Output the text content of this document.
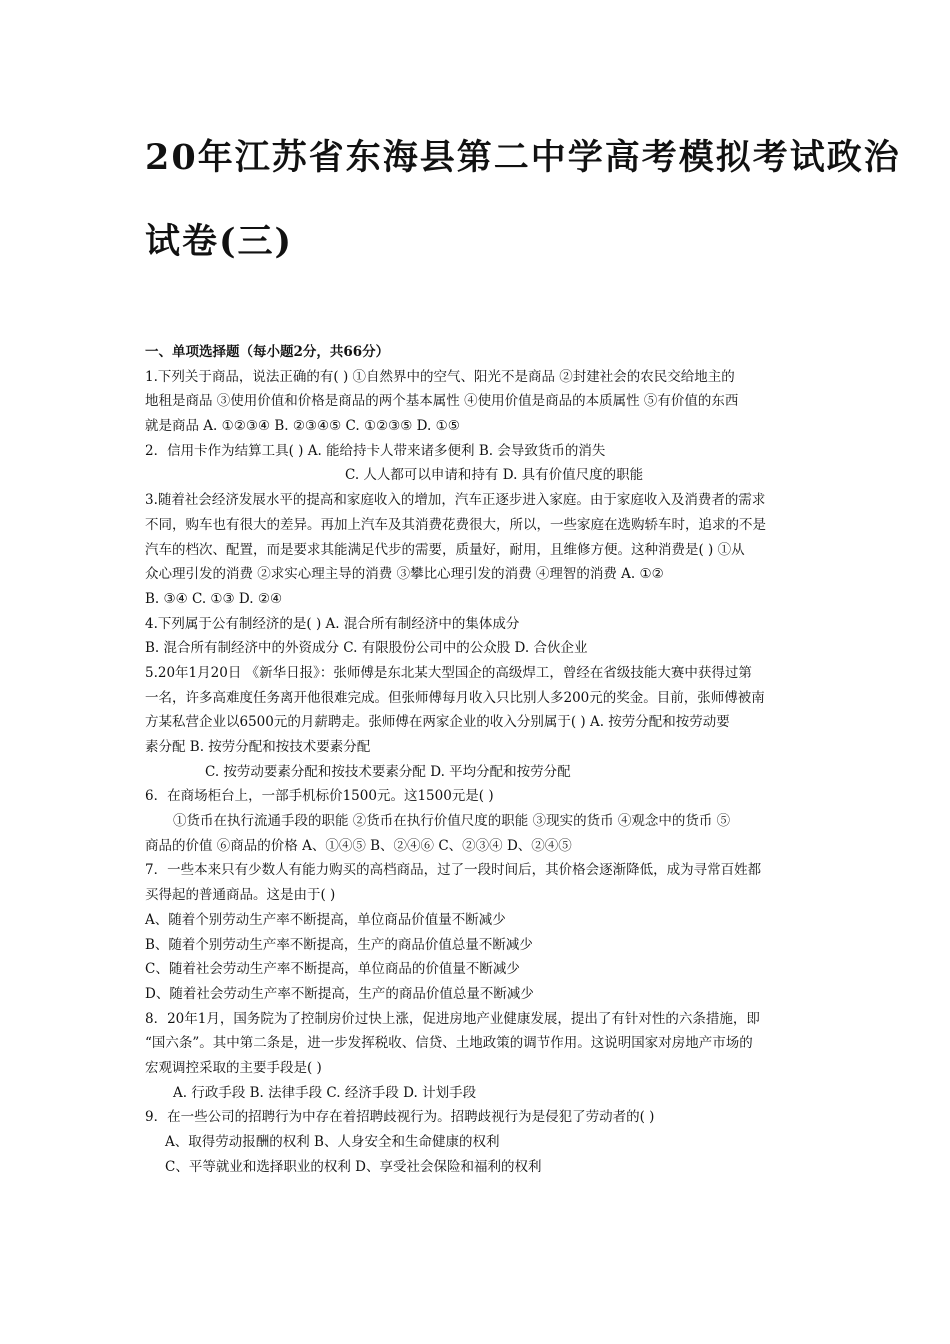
20年江苏省东海县第二中学高考模拟考试政治
试卷(三)
一、单项选择题（每小题2分，共66分）
1.下列关于商品，说法正确的有( ) ①自然界中的空气、阳光不是商品 ②封建社会的农民交给地主的
地租是商品 ③使用价值和价格是商品的两个基本属性 ④使用价值是商品的本质属性 ⑤有价值的东西
就是商品 A. ①②③④ B. ②③④⑤ C. ①②③⑤ D. ①⑤
2．信用卡作为结算工具( ) A. 能给持卡人带来诸多便利 B. 会导致货币的消失
C. 人人都可以申请和持有 D. 具有价值尺度的职能
3.随着社会经济发展水平的提高和家庭收入的增加，汽车正逐步进入家庭。由于家庭收入及消费者的需求
不同，购车也有很大的差异。再加上汽车及其消费花费很大，所以，一些家庭在选购轿车时，追求的不是
汽车的档次、配置，而是要求其能满足代步的需要，质量好，耐用，且维修方便。这种消费是( ) ①从
众心理引发的消费 ②求实心理主导的消费 ③攀比心理引发的消费 ④理智的消费 A. ①②
B. ③④ C. ①③ D. ②④
4.下列属于公有制经济的是( ) A. 混合所有制经济中的集体成分
B. 混合所有制经济中的外资成分 C. 有限股份公司中的公众股 D. 合伙企业
5.20年1月20日 《新华日报》：张师傅是东北某大型国企的高级焊工，曾经在省级技能大赛中获得过第
一名，许多高难度任务离开他很难完成。但张师傅每月收入只比别人多200元的奖金。目前，张师傅被南
方某私营企业以6500元的月薪聘走。张师傅在两家企业的收入分别属于( ) A. 按劳分配和按劳动要
素分配 B. 按劳分配和按技术要素分配
C. 按劳动要素分配和按技术要素分配 D. 平均分配和按劳分配
6．在商场柜台上，一部手机标价1500元。这1500元是( )
①货币在执行流通手段的职能 ②货币在执行价值尺度的职能 ③现实的货币 ④观念中的货币 ⑤
商品的价值 ⑥商品的价格 A、①④⑤ B、②④⑥ C、②③④ D、②④⑤
7．一些本来只有少数人有能力购买的高档商品，过了一段时间后，其价格会逐渐降低，成为寻常百姓都
买得起的普通商品。这是由于( )
A、随着个别劳动生产率不断提高，单位商品价值量不断减少
B、随着个别劳动生产率不断提高，生产的商品价值总量不断减少
C、随着社会劳动生产率不断提高，单位商品的价值量不断减少
D、随着社会劳动生产率不断提高，生产的商品价值总量不断减少
8．20年1月，国务院为了控制房价过快上涨，促进房地产业健康发展，提出了有针对性的六条措施，即
“国六条”。其中第二条是，进一步发挥税收、信贷、土地政策的调节作用。这说明国家对房地产市场的
宏观调控采取的主要手段是( )
A. 行政手段 B. 法律手段 C. 经济手段 D. 计划手段
9．在一些公司的招聘行为中存在着招聘歧视行为。招聘歧视行为是侵犯了劳动者的( )
A、取得劳动报酬的权利 B、人身安全和生命健康的权利
C、平等就业和选择职业的权利 D、享受社会保险和福利的权利
